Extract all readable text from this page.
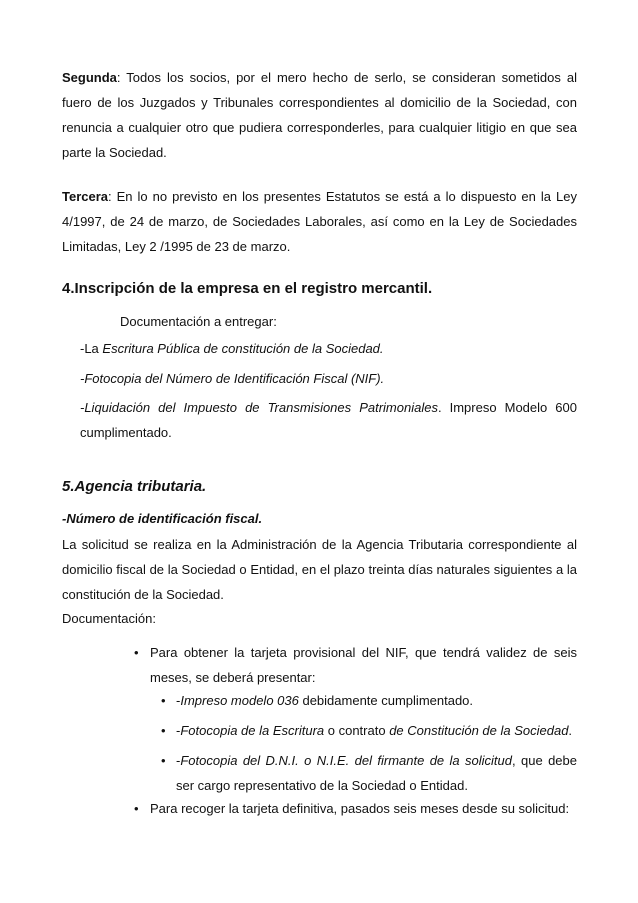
Segunda: Todos los socios, por el mero hecho de serlo, se consideran sometidos al fuero de los Juzgados y Tribunales correspondientes al domicilio de la Sociedad, con renuncia a cualquier otro que pudiera corresponderles, para cualquier litigio en que sea parte la Sociedad.

Tercera: En lo no previsto en los presentes Estatutos se está a lo dispuesto en la Ley 4/1997, de 24 de marzo, de Sociedades Laborales, así como en la Ley de Sociedades Limitadas, Ley 2 /1995 de 23 de marzo.

4.Inscripción de la empresa en el registro mercantil.

Documentación a entregar:

-La Escritura Pública de constitución de la Sociedad.

-Fotocopia del Número de Identificación Fiscal (NIF).

-Liquidación del Impuesto de Transmisiones Patrimoniales. Impreso Modelo 600 cumplimentado.

5.Agencia tributaria.

-Número de identificación fiscal.

La solicitud se realiza en la Administración de la Agencia Tributaria correspondiente al domicilio fiscal de la Sociedad o Entidad, en el plazo treinta días naturales siguientes a la constitución de la Sociedad.

Documentación:

• Para obtener la tarjeta provisional del NIF, que tendrá validez de seis meses, se deberá presentar:

• -Impreso modelo 036 debidamente cumplimentado.

• -Fotocopia de la Escritura o contrato de Constitución de la Sociedad.

• -Fotocopia del D.N.I. o N.I.E. del firmante de la solicitud, que debe ser cargo representativo de la Sociedad o Entidad.

• Para recoger la tarjeta definitiva, pasados seis meses desde su solicitud:
